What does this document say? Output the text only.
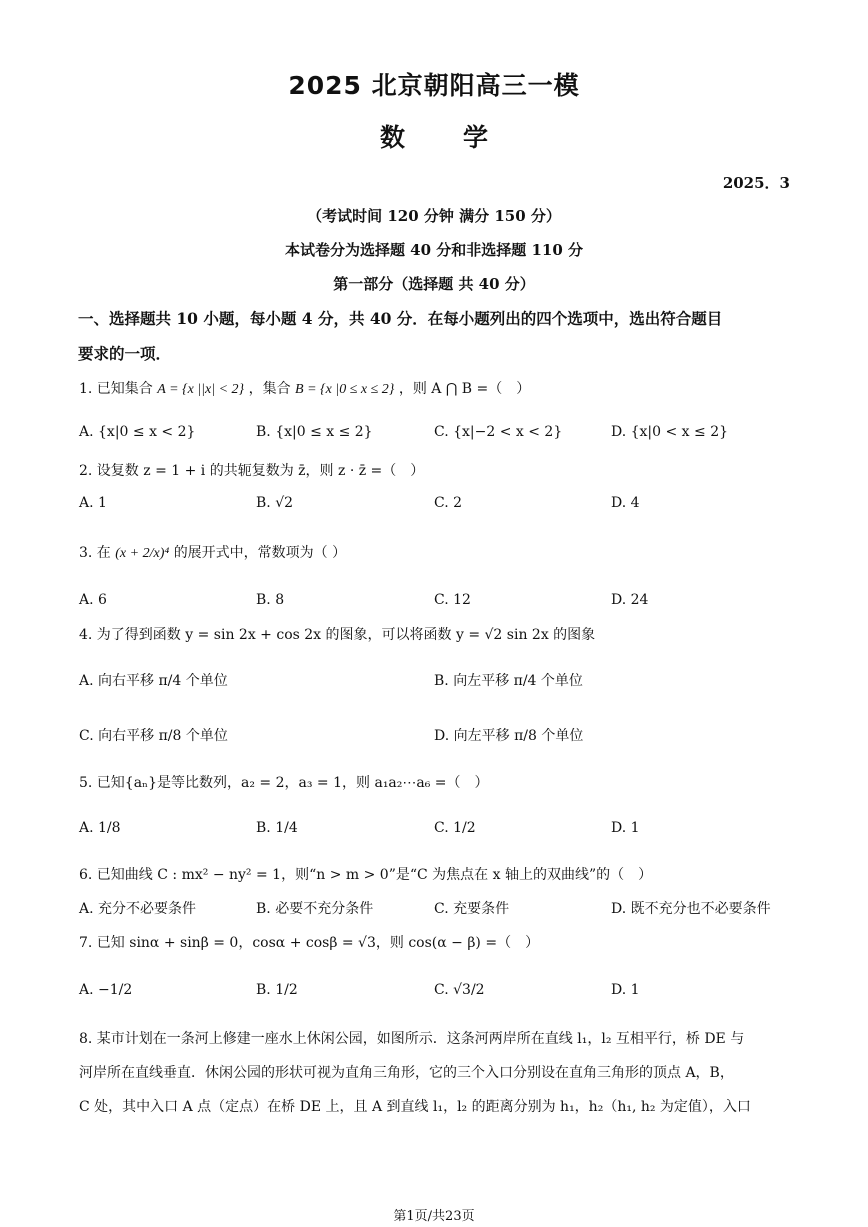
2025 北京朝阳高三一模
数 学
2025．3
（考试时间 120 分钟 满分 150 分）
本试卷分为选择题 40 分和非选择题 110 分
第一部分（选择题 共 40 分）
一、选择题共 10 小题，每小题 4 分，共 40 分．在每小题列出的四个选项中，选出符合题目
要求的一项．
1. 已知集合 A = {x ||x| < 2} ，集合 B = {x |0 ≤ x ≤ 2} ，则 A ⋂ B =（　）
A. {x|0 ≤ x < 2}	B. {x|0 ≤ x ≤ 2}	C. {x|−2 < x < 2}	D. {x|0 < x ≤ 2}
2. 设复数 z = 1 + i 的共轭复数为 z̄，则 z · z̄ =（　）
A. 1	B. √2	C. 2	D. 4
3. 在 (x + 2/x)⁴ 的展开式中，常数项为（ ）
A. 6	B. 8	C. 12	D. 24
4. 为了得到函数 y = sin 2x + cos 2x 的图象，可以将函数 y = √2 sin 2x 的图象
A. 向右平移 π/4 个单位	B. 向左平移 π/4 个单位
C. 向右平移 π/8 个单位	D. 向左平移 π/8 个单位
5. 已知{aₙ}是等比数列，a₂ = 2，a₃ = 1，则 a₁a₂⋯a₆ =（　）
A. 1/8	B. 1/4	C. 1/2	D. 1
6. 已知曲线 C : mx² − ny² = 1，则“n > m > 0”是“C 为焦点在 x 轴上的双曲线”的（　）
A. 充分不必要条件	B. 必要不充分条件	C. 充要条件	D. 既不充分也不必要条件
7. 已知 sinα + sinβ = 0，cosα + cosβ = √3，则 cos(α − β) =（　）
A. −1/2	B. 1/2	C. √3/2	D. 1
8. 某市计划在一条河上修建一座水上休闲公园，如图所示．这条河两岸所在直线 l₁，l₂ 互相平行，桥 DE 与
河岸所在直线垂直．休闲公园的形状可视为直角三角形，它的三个入口分别设在直角三角形的顶点 A，B，
C 处，其中入口 A 点（定点）在桥 DE 上，且 A 到直线 l₁，l₂ 的距离分别为 h₁，h₂（h₁, h₂ 为定值），入口
第1页/共23页
